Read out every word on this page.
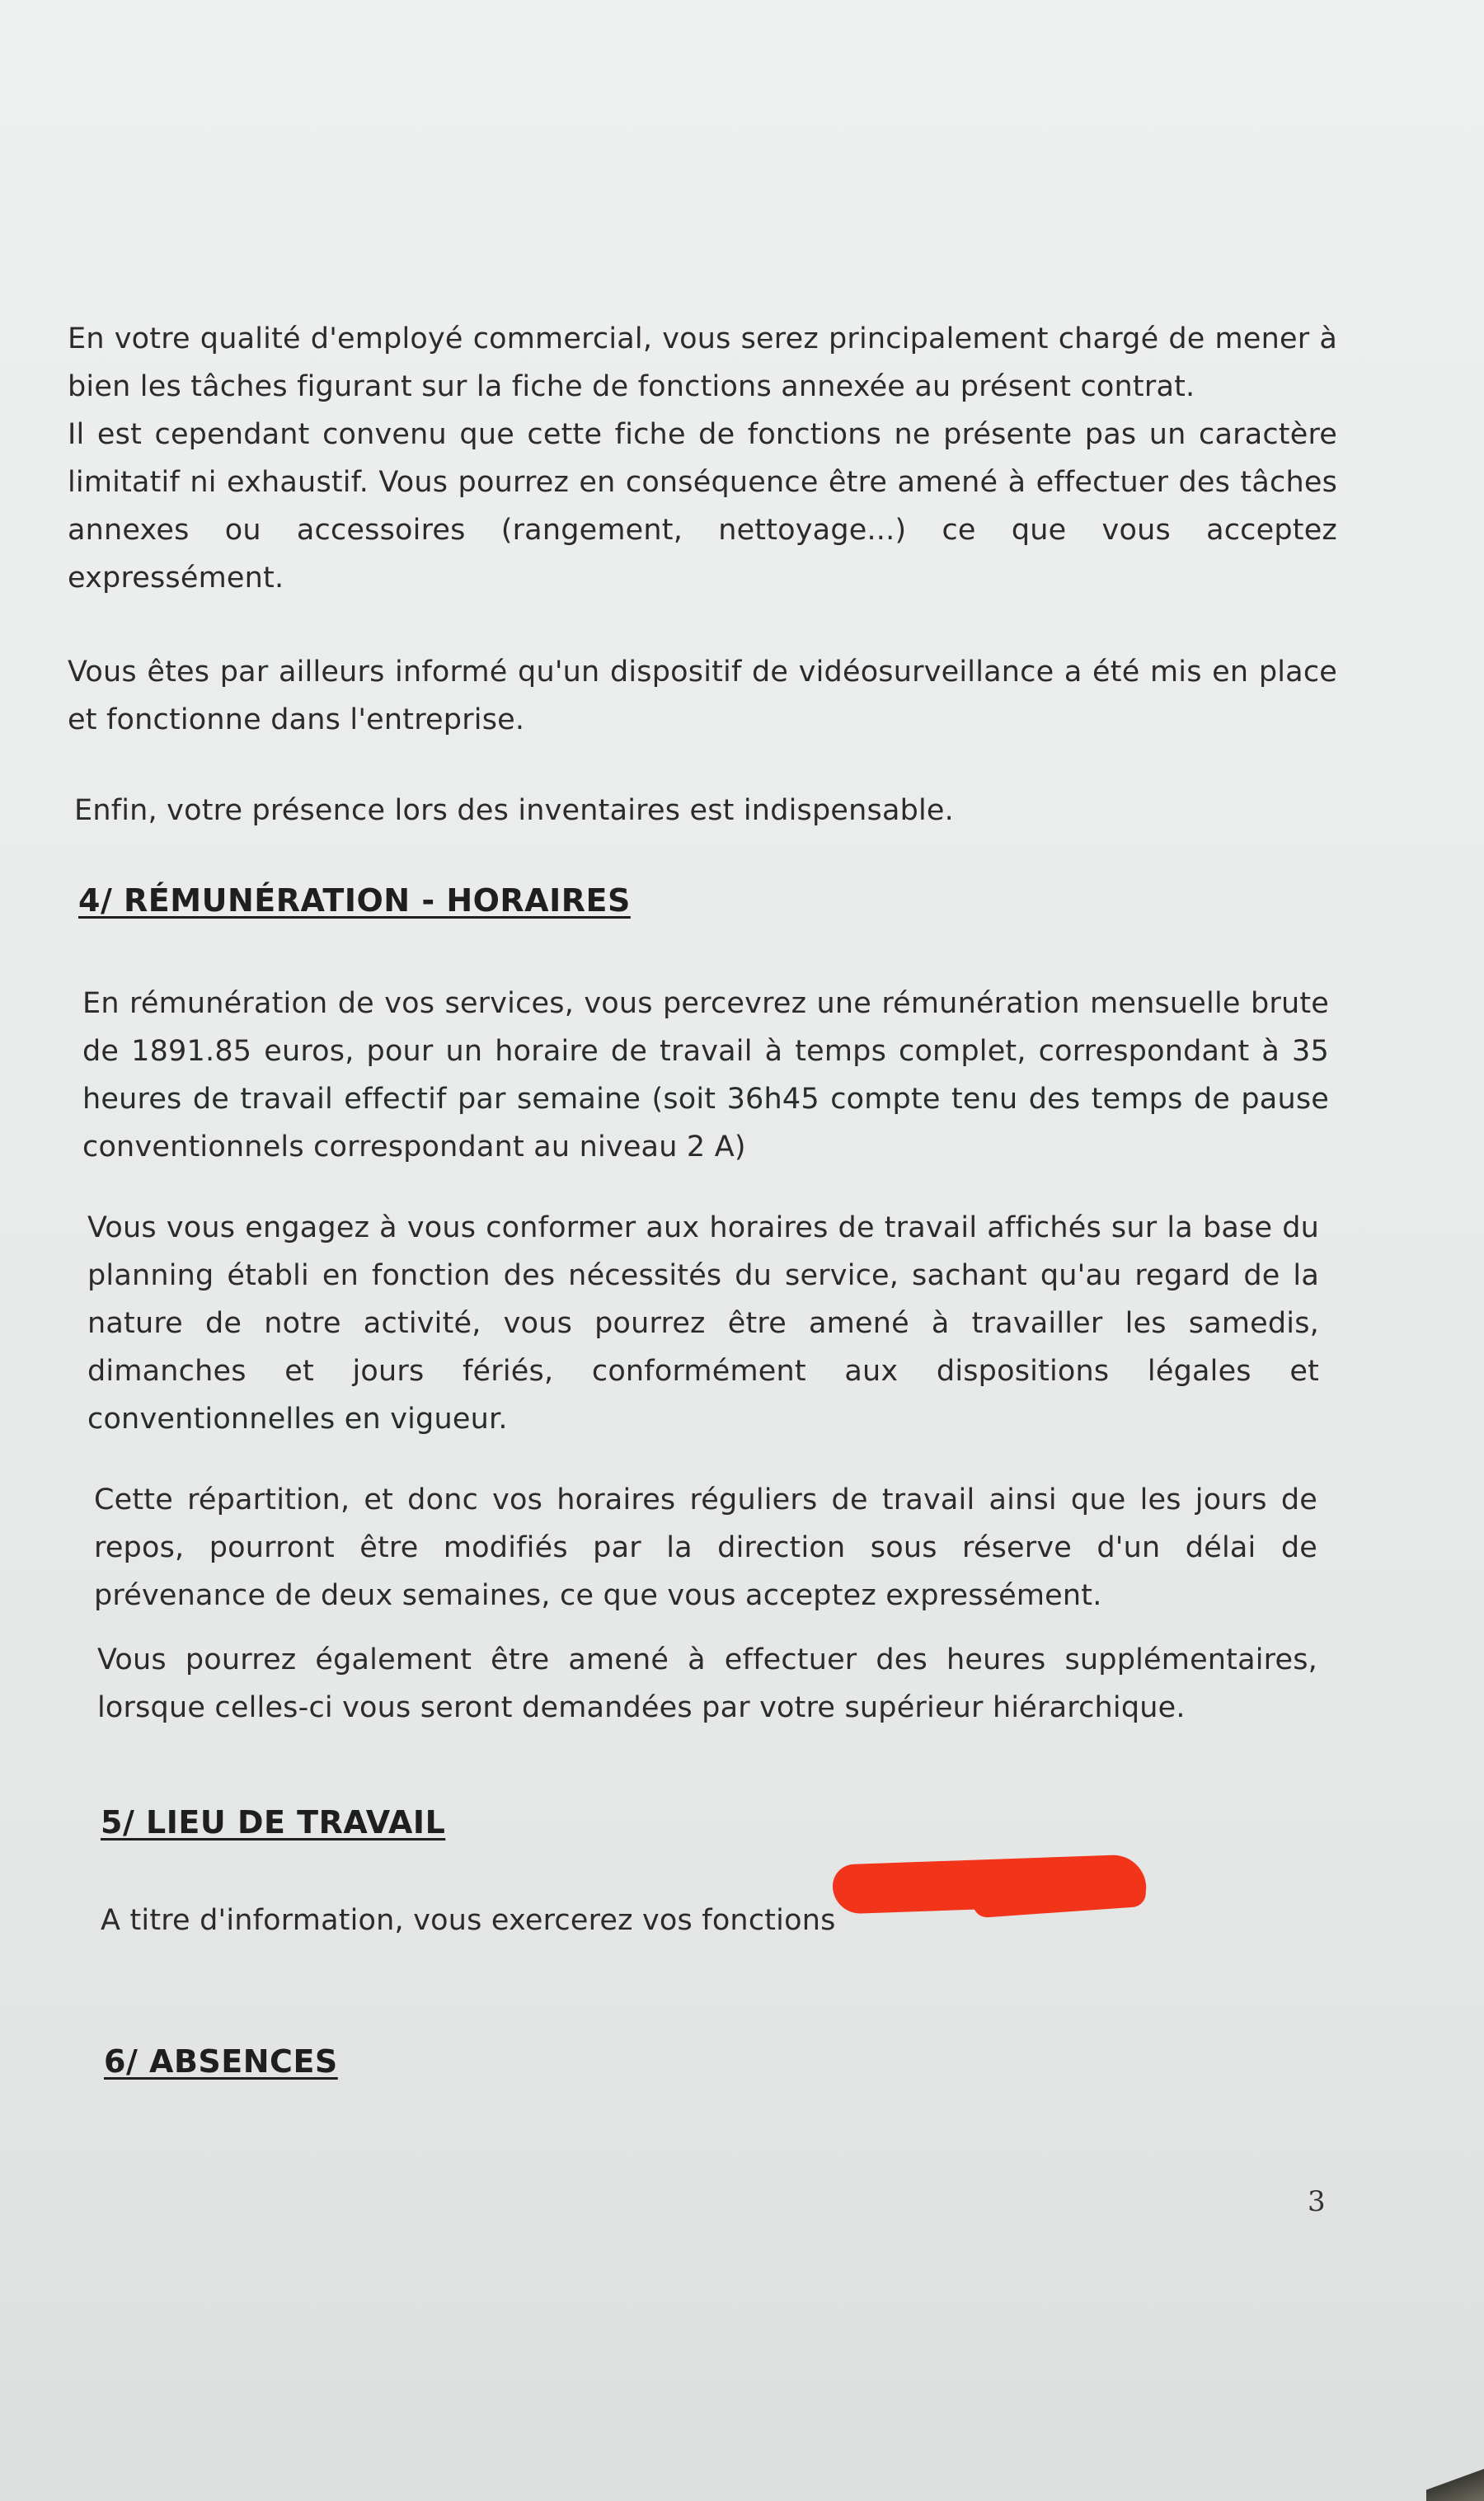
En votre qualité d'employé commercial, vous serez principalement chargé de mener à bien les tâches figurant sur la fiche de fonctions annexée au présent contrat.

Il est cependant convenu que cette fiche de fonctions ne présente pas un caractère limitatif ni exhaustif. Vous pourrez en conséquence être amené à effectuer des tâches annexes ou accessoires (rangement, nettoyage...) ce que vous acceptez expressément.

Vous êtes par ailleurs informé qu'un dispositif de vidéosurveillance a été mis en place et fonctionne dans l'entreprise.

Enfin, votre présence lors des inventaires est indispensable.

4/ RÉMUNÉRATION - HORAIRES

En rémunération de vos services, vous percevrez une rémunération mensuelle brute de 1891.85 euros, pour un horaire de travail à temps complet, correspondant à 35 heures de travail effectif par semaine (soit 36h45 compte tenu des temps de pause conventionnels correspondant au niveau 2 A)

Vous vous engagez à vous conformer aux horaires de travail affichés sur la base du planning établi en fonction des nécessités du service, sachant qu'au regard de la nature de notre activité, vous pourrez être amené à travailler les samedis, dimanches et jours fériés, conformément aux dispositions légales et conventionnelles en vigueur.

Cette répartition, et donc vos horaires réguliers de travail ainsi que les jours de repos, pourront être modifiés par la direction sous réserve d'un délai de prévenance de deux semaines, ce que vous acceptez expressément.

Vous pourrez également être amené à effectuer des heures supplémentaires, lorsque celles-ci vous seront demandées par votre supérieur hiérarchique.

5/ LIEU DE TRAVAIL

A titre d'information, vous exercerez vos fonctions

6/ ABSENCES
3
